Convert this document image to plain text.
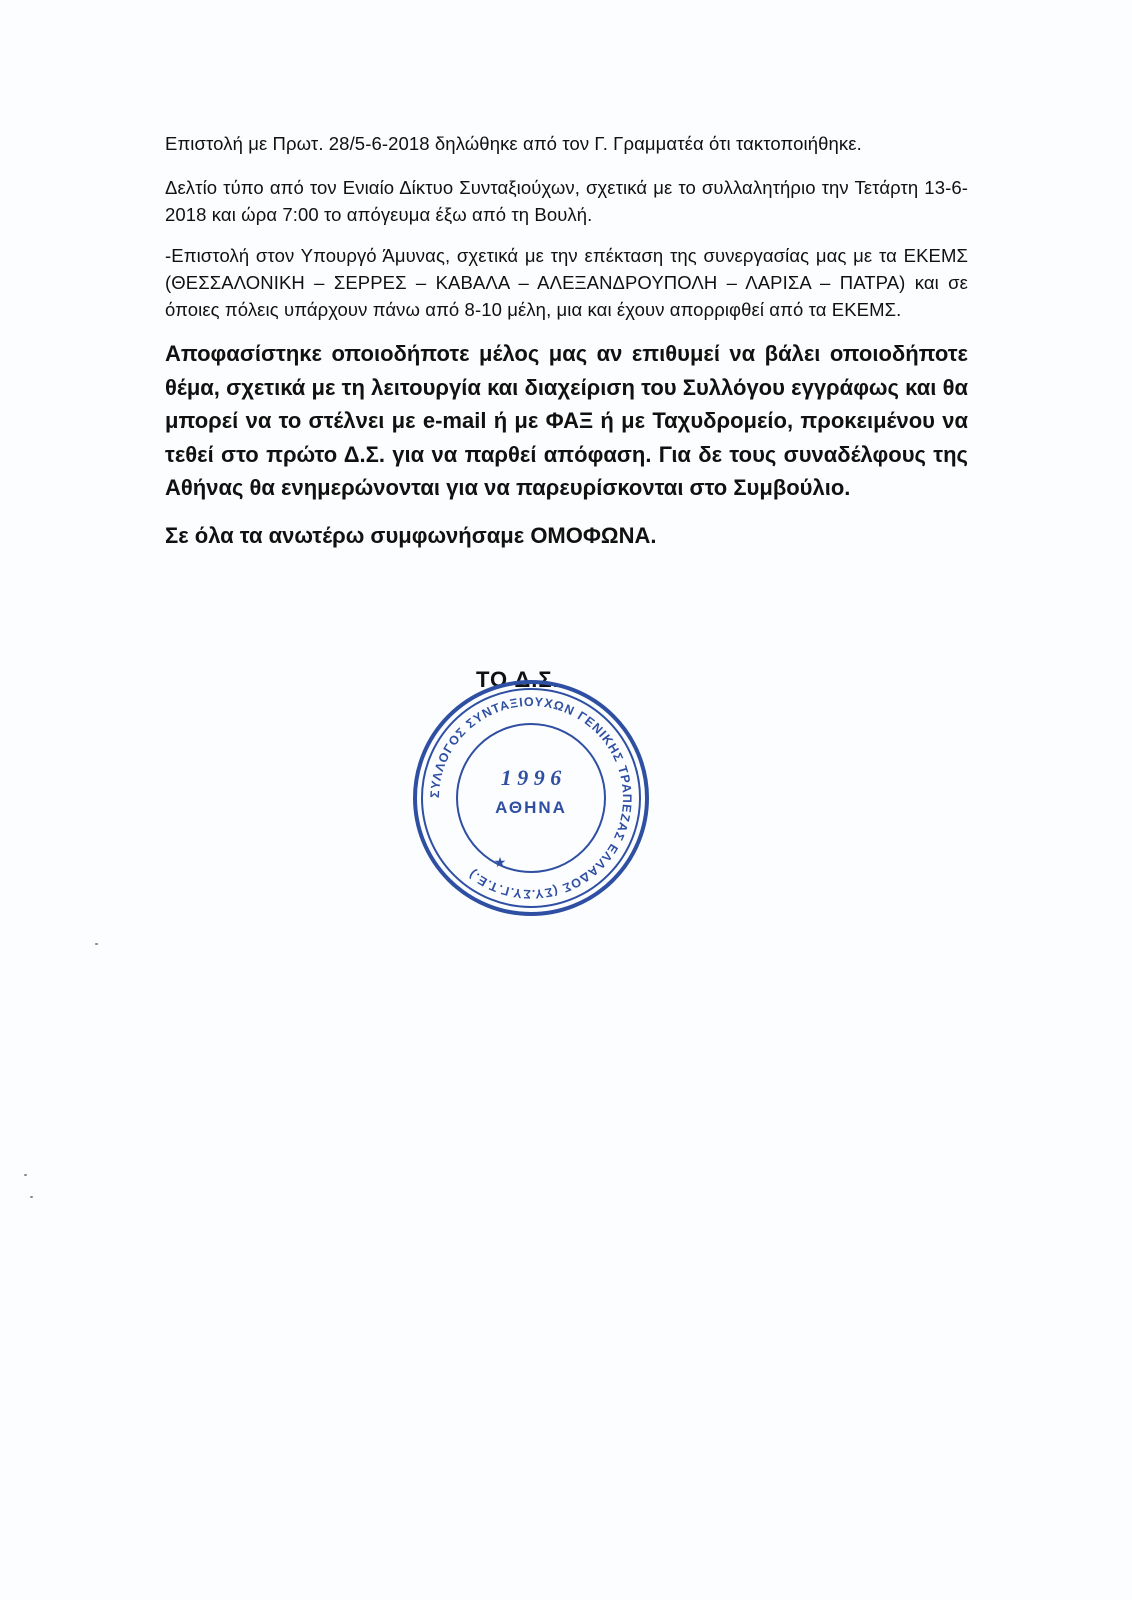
Επιστολή με Πρωτ. 28/5-6-2018 δηλώθηκε από τον Γ. Γραμματέα ότι τακτοποιήθηκε.

Δελτίο τύπο από τον Ενιαίο Δίκτυο Συνταξιούχων, σχετικά με το συλλαλητήριο την Τετάρτη 13-6-2018 και ώρα 7:00 το απόγευμα έξω από τη Βουλή.

-Επιστολή στον Υπουργό Άμυνας, σχετικά με την επέκταση της συνεργασίας μας με τα ΕΚΕΜΣ (ΘΕΣΣΑΛΟΝΙΚΗ – ΣΕΡΡΕΣ – ΚΑΒΑΛΑ – ΑΛΕΞΑΝΔΡΟΥΠΟΛΗ – ΛΑΡΙΣΑ – ΠΑΤΡΑ) και σε όποιες πόλεις υπάρχουν πάνω από 8-10 μέλη, μια και έχουν απορριφθεί από τα ΕΚΕΜΣ.

Αποφασίστηκε οποιοδήποτε μέλος μας αν επιθυμεί να βάλει οποιοδήποτε θέμα, σχετικά με τη λειτουργία και διαχείριση του Συλλόγου εγγράφως και θα μπορεί να το στέλνει με e-mail ή με ΦΑΞ ή με Ταχυδρομείο, προκειμένου να τεθεί στο πρώτο Δ.Σ. για να παρθεί απόφαση. Για δε τους συναδέλφους της Αθήνας θα ενημερώνονται για να παρευρίσκονται στο Συμβούλιο.

Σε όλα τα ανωτέρω συμφωνήσαμε ΟΜΟΦΩΝΑ.

ΤΟ Δ.Σ.
ΣΥΛΛΟΓΟΣ ΣΥΝΤΑΞΙΟΥΧΩΝ ΓΕΝΙΚΗΣ ΤΡΑΠΕΖΑΣ ΕΛΛΑΔΟΣ (ΣΥ.ΣΥ.Γ.Τ.Ε.)
1 9 9 6
ΑΘΗΝΑ
★
